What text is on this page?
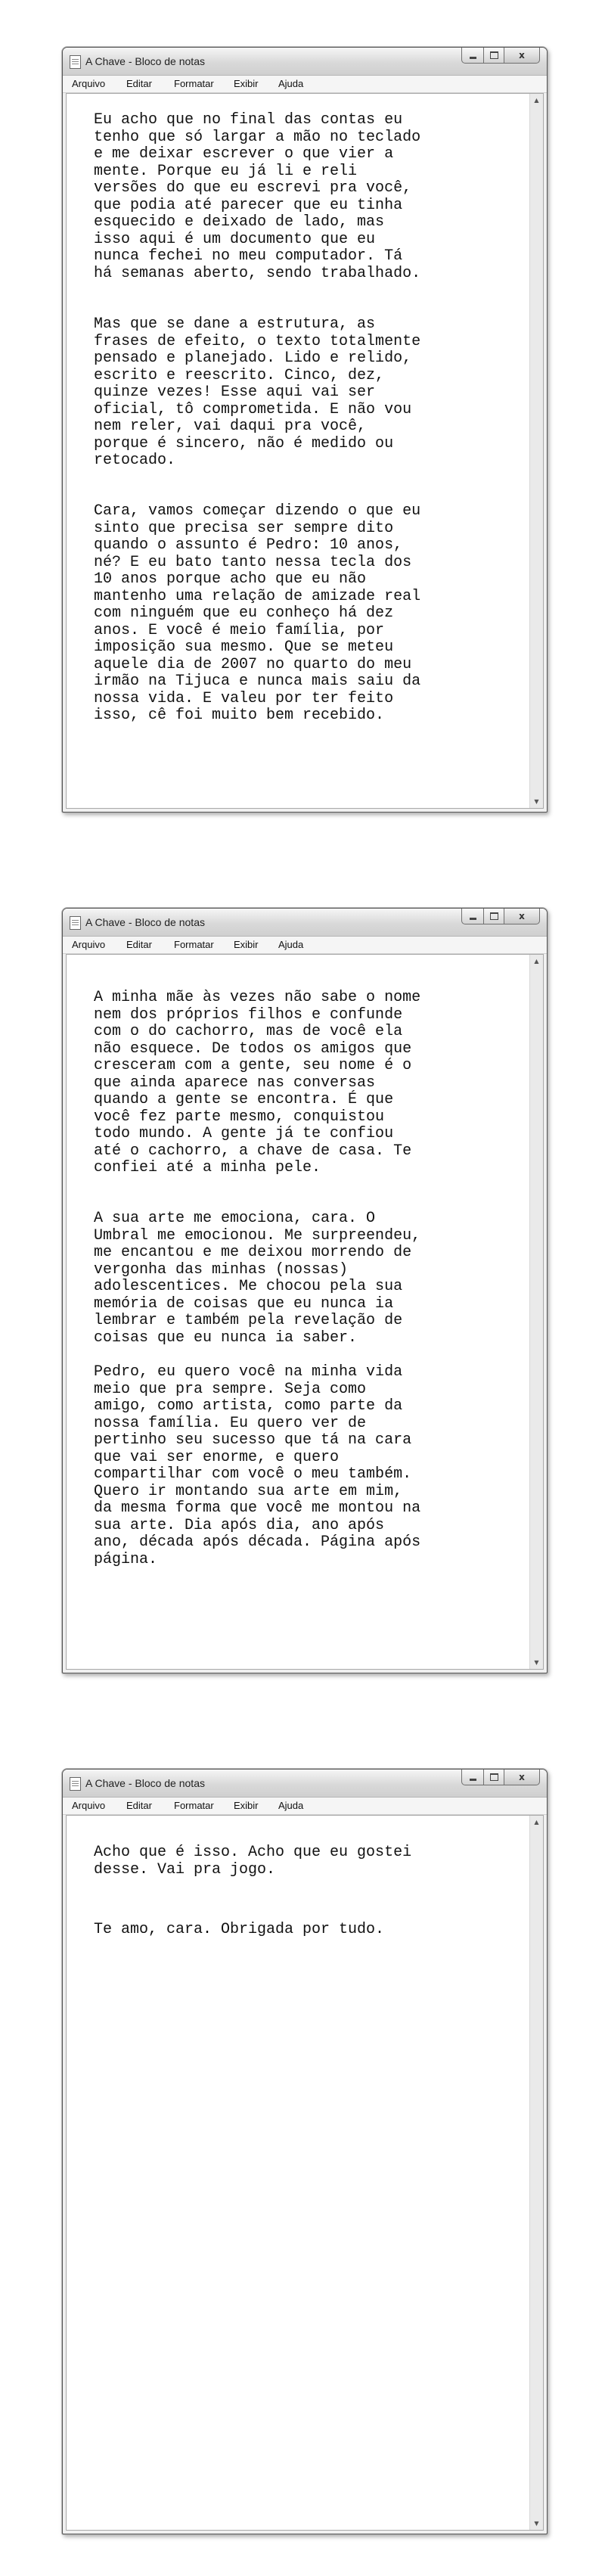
A Chave - Bloco de notas	x
Arquivo Editar Formatar Exibir Ajuda
Eu acho que no final das contas eu
tenho que só largar a mão no teclado
e me deixar escrever o que vier a
mente. Porque eu já li e reli
versões do que eu escrevi pra você,
que podia até parecer que eu tinha
esquecido e deixado de lado, mas
isso aqui é um documento que eu
nunca fechei no meu computador. Tá
há semanas aberto, sendo trabalhado.
Mas que se dane a estrutura, as
frases de efeito, o texto totalmente
pensado e planejado. Lido e relido,
escrito e reescrito. Cinco, dez,
quinze vezes! Esse aqui vai ser
oficial, tô comprometida. E não vou
nem reler, vai daqui pra você,
porque é sincero, não é medido ou
retocado.
Cara, vamos começar dizendo o que eu
sinto que precisa ser sempre dito
quando o assunto é Pedro: 10 anos,
né? E eu bato tanto nessa tecla dos
10 anos porque acho que eu não
mantenho uma relação de amizade real
com ninguém que eu conheço há dez
anos. E você é meio família, por
imposição sua mesmo. Que se meteu
aquele dia de 2007 no quarto do meu
irmão na Tijuca e nunca mais saiu da
nossa vida. E valeu por ter feito
isso, cê foi muito bem recebido.
▲
▼
A Chave - Bloco de notas	x
Arquivo Editar Formatar Exibir Ajuda
A minha mãe às vezes não sabe o nome
nem dos próprios filhos e confunde
com o do cachorro, mas de você ela
não esquece. De todos os amigos que
cresceram com a gente, seu nome é o
que ainda aparece nas conversas
quando a gente se encontra. É que
você fez parte mesmo, conquistou
todo mundo. A gente já te confiou
até o cachorro, a chave de casa. Te
confiei até a minha pele.
A sua arte me emociona, cara. O
Umbral me emocionou. Me surpreendeu,
me encantou e me deixou morrendo de
vergonha das minhas (nossas)
adolescentices. Me chocou pela sua
memória de coisas que eu nunca ia
lembrar e também pela revelação de
coisas que eu nunca ia saber.
Pedro, eu quero você na minha vida
meio que pra sempre. Seja como
amigo, como artista, como parte da
nossa família. Eu quero ver de
pertinho seu sucesso que tá na cara
que vai ser enorme, e quero
compartilhar com você o meu também.
Quero ir montando sua arte em mim,
da mesma forma que você me montou na
sua arte. Dia após dia, ano após
ano, década após década. Página após
página.
▲
▼
A Chave - Bloco de notas	x
Arquivo Editar Formatar Exibir Ajuda
Acho que é isso. Acho que eu gostei
desse. Vai pra jogo.
Te amo, cara. Obrigada por tudo.
▲
▼
